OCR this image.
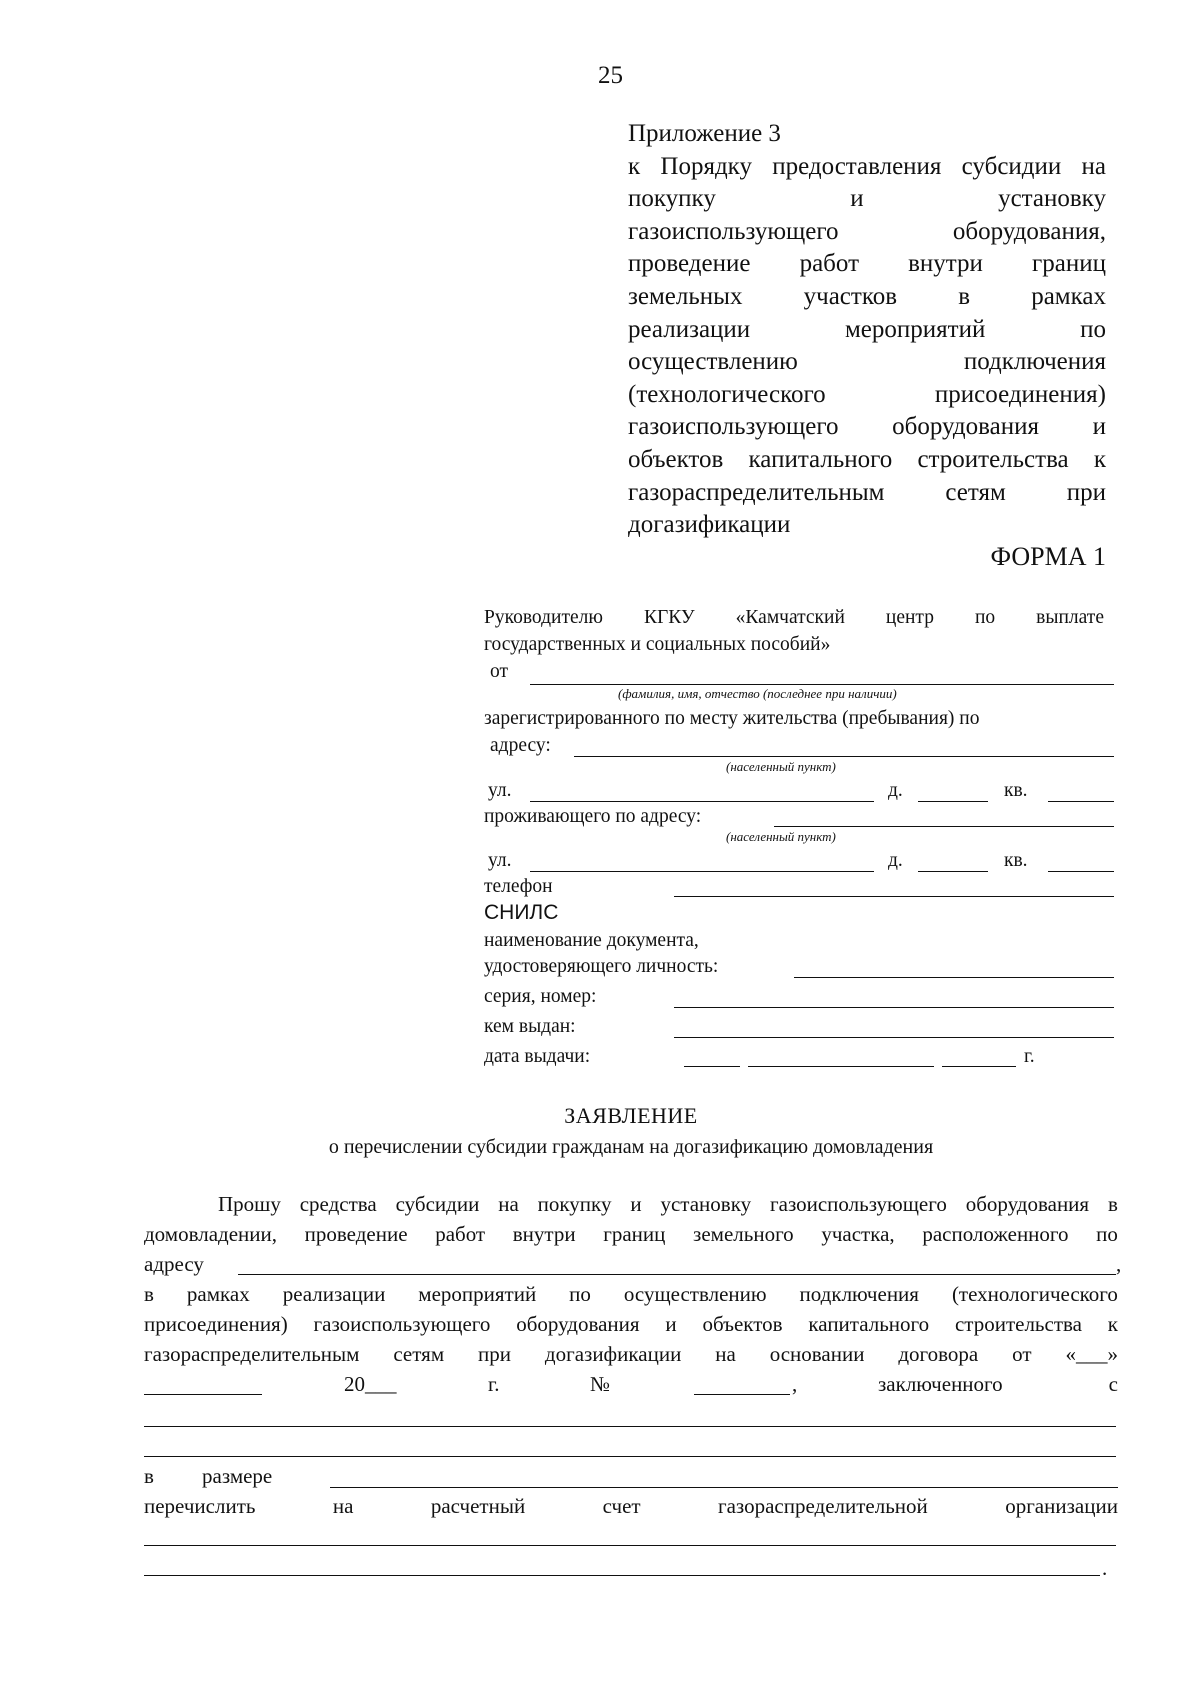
25
Приложение 3
к Порядку предоставления субсидии на
покупку	и	установку
газоиспользующего	оборудования,
проведение работ внутри границ
земельных участков в рамках
реализации	мероприятий	по
осуществлению	подключения
(технологического	присоединения)
газоиспользующего оборудования и
объектов капитального строительства к
газораспределительным сетям при
догазификации
ФОРМА 1
Руководителю КГКУ «Камчатский центр по выплате
государственных и социальных пособий»
от
(фамилия, имя, отчество (последнее при наличии)
зарегистрированного по месту жительства (пребывания) по
адресу:
(населенный пункт)
ул.	д.	кв.
проживающего по адресу:
(населенный пункт)
ул.	д.	кв.
телефон
СНИЛС
наименование документа,
удостоверяющего личность:
серия, номер:
кем выдан:
дата выдачи:	г.
ЗАЯВЛЕНИЕ
о перечислении субсидии гражданам на догазификацию домовладения
Прошу средства субсидии на покупку и установку газоиспользующего оборудования в
домовладении, проведение работ внутри границ земельного участка, расположенного по
адресу	,
в рамках реализации мероприятий по осуществлению подключения (технологического
присоединения) газоиспользующего оборудования и объектов капитального строительства к
газораспределительным сетям при догазификации на основании договора от «___»
20___	г.	№	,	заключенного	с
в размере
перечислить	на	расчетный	счет	газораспределительной	организации
.
